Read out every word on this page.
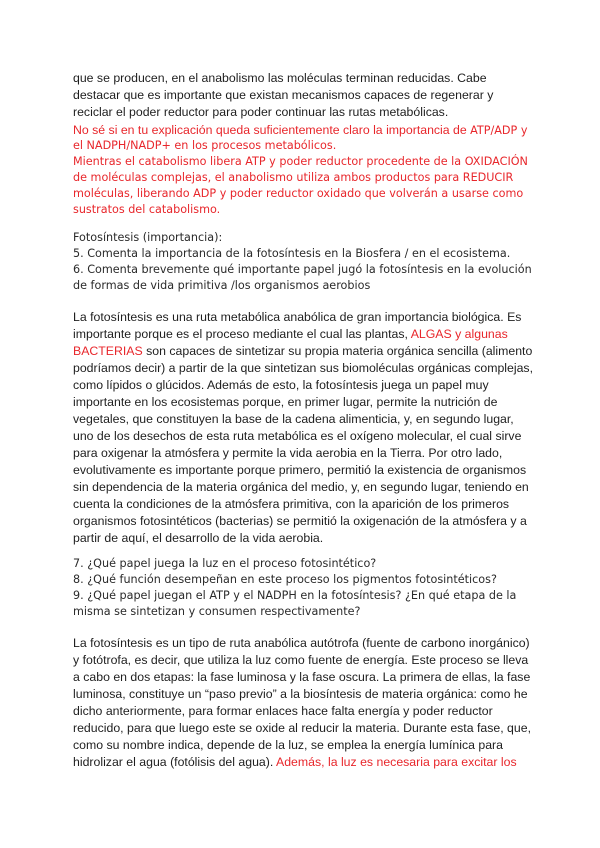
que se producen, en el anabolismo las moléculas terminan reducidas. Cabe
destacar que es importante que existan mecanismos capaces de regenerar y
reciclar el poder reductor para poder continuar las rutas metabólicas.
No sé si en tu explicación queda suficientemente claro la importancia de ATP/ADP y
el NADPH/NADP+ en los procesos metabólicos.
Mientras el catabolismo libera ATP y poder reductor procedente de la OXIDACIÓN
de moléculas complejas, el anabolismo utiliza ambos productos para REDUCIR
moléculas, liberando ADP y poder reductor oxidado que volverán a usarse como
sustratos del catabolismo.
Fotosíntesis (importancia):
5. Comenta la importancia de la fotosíntesis en la Biosfera / en el ecosistema.
6. Comenta brevemente qué importante papel jugó la fotosíntesis en la evolución
de formas de vida primitiva /los organismos aerobios
La fotosíntesis es una ruta metabólica anabólica de gran importancia biológica. Es
importante porque es el proceso mediante el cual las plantas, ALGAS y algunas
BACTERIAS son capaces de sintetizar su propia materia orgánica sencilla (alimento
podríamos decir) a partir de la que sintetizan sus biomoléculas orgánicas complejas,
como lípidos o glúcidos. Además de esto, la fotosíntesis juega un papel muy
importante en los ecosistemas porque, en primer lugar, permite la nutrición de
vegetales, que constituyen la base de la cadena alimenticia, y, en segundo lugar,
uno de los desechos de esta ruta metabólica es el oxígeno molecular, el cual sirve
para oxigenar la atmósfera y permite la vida aerobia en la Tierra. Por otro lado,
evolutivamente es importante porque primero, permitió la existencia de organismos
sin dependencia de la materia orgánica del medio, y, en segundo lugar, teniendo en
cuenta la condiciones de la atmósfera primitiva, con la aparición de los primeros
organismos fotosintéticos (bacterias) se permitió la oxigenación de la atmósfera y a
partir de aquí, el desarrollo de la vida aerobia.
7. ¿Qué papel juega la luz en el proceso fotosintético?
8. ¿Qué función desempeñan en este proceso los pigmentos fotosintéticos?
9. ¿Qué papel juegan el ATP y el NADPH en la fotosíntesis? ¿En qué etapa de la
misma se sintetizan y consumen respectivamente?
La fotosíntesis es un tipo de ruta anabólica autótrofa (fuente de carbono inorgánico)
y fotótrofa, es decir, que utiliza la luz como fuente de energía. Este proceso se lleva
a cabo en dos etapas: la fase luminosa y la fase oscura. La primera de ellas, la fase
luminosa, constituye un “paso previo” a la biosíntesis de materia orgánica: como he
dicho anteriormente, para formar enlaces hace falta energía y poder reductor
reducido, para que luego este se oxide al reducir la materia. Durante esta fase, que,
como su nombre indica, depende de la luz, se emplea la energía lumínica para
hidrolizar el agua (fotólisis del agua). Además, la luz es necesaria para excitar los
